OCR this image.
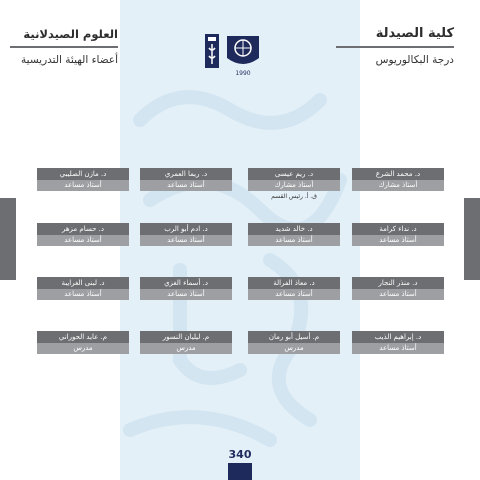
كلية الصيدلة
درجة البكالوريوس
العلوم الصيدلانية
أعضاء الهيئة التدريسية
1990
د. محمد الشرع
أستاذ مشارك
د. ريم عيسى
أستاذ مشارك
ق. أ. رئيس القسم
د. ريما العمري
أستاذ مساعد
د. مازن الصليبي
أستاذ مساعد
د. نداء كرامة
أستاذ مساعد
د. خالد شديد
أستاذ مساعد
د. ادم أبو الرب
أستاذ مساعد
د. حسام مزهر
أستاذ مساعد
د. منذر النجار
أستاذ مساعد
د. معاذ الفرالة
أستاذ مساعد
د. أسماء الغزي
أستاذ مساعد
د. لبنى الغرايبة
أستاذ مساعد
د. إبراهيم الذيب
أستاذ مساعد
م. أسيل أبو رمان
مدرس
م. ليليان النسور
مدرس
م. عايد الحوراني
مدرس
340
